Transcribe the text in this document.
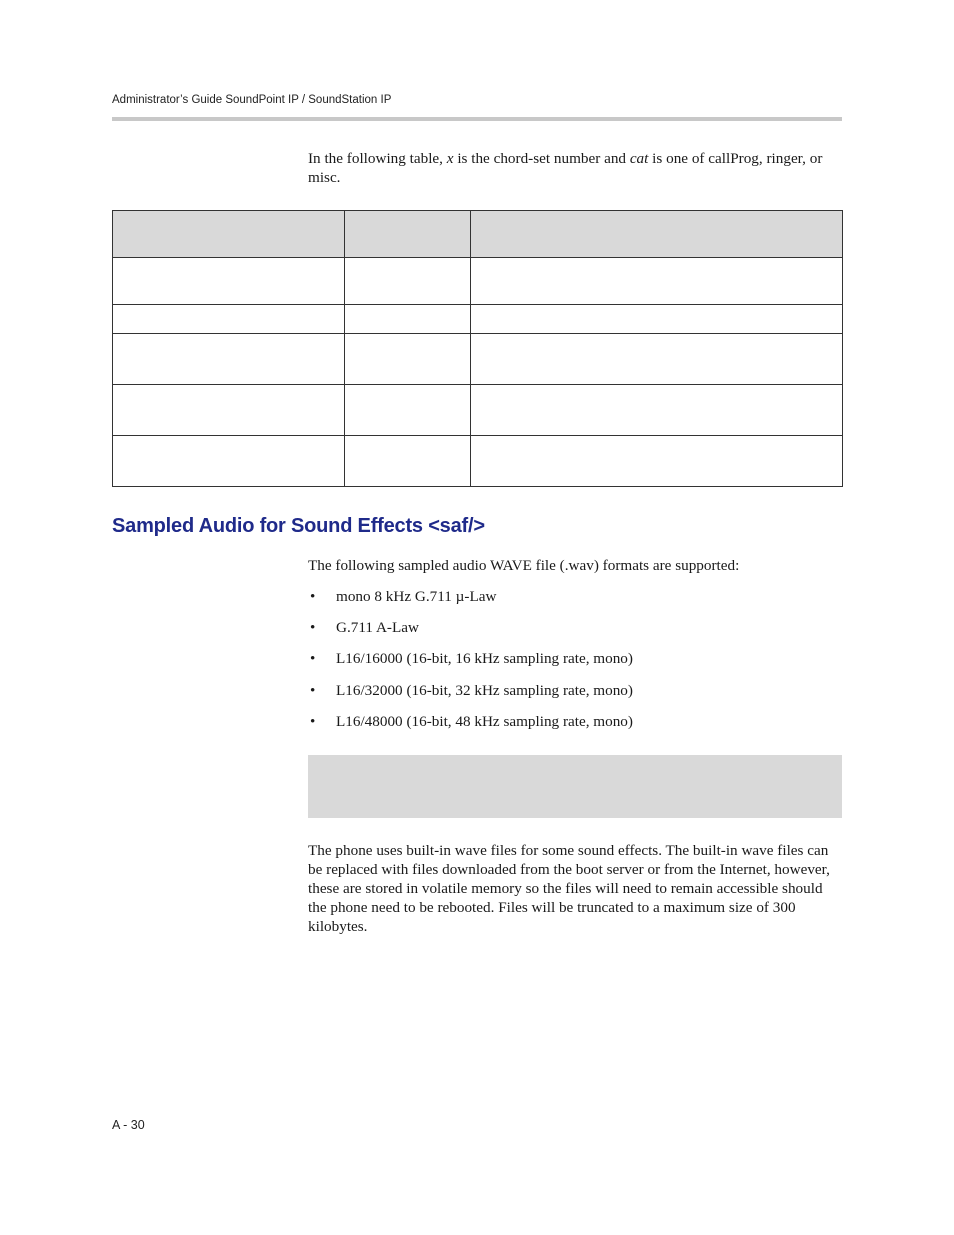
Administrator’s Guide SoundPoint IP / SoundStation IP

In the following table, x is the chord-set number and cat is one of callProg, ringer, or misc.

Sampled Audio for Sound Effects <saf/>

The following sampled audio WAVE file (.wav) formats are supported:

• mono 8 kHz G.711 µ-Law
• G.711 A-Law
• L16/16000 (16-bit, 16 kHz sampling rate, mono)
• L16/32000 (16-bit, 32 kHz sampling rate, mono)
• L16/48000 (16-bit, 48 kHz sampling rate, mono)

The phone uses built-in wave files for some sound effects. The built-in wave files can be replaced with files downloaded from the boot server or from the Internet, however, these are stored in volatile memory so the files will need to remain accessible should the phone need to be rebooted. Files will be truncated to a maximum size of 300 kilobytes.

A - 30
